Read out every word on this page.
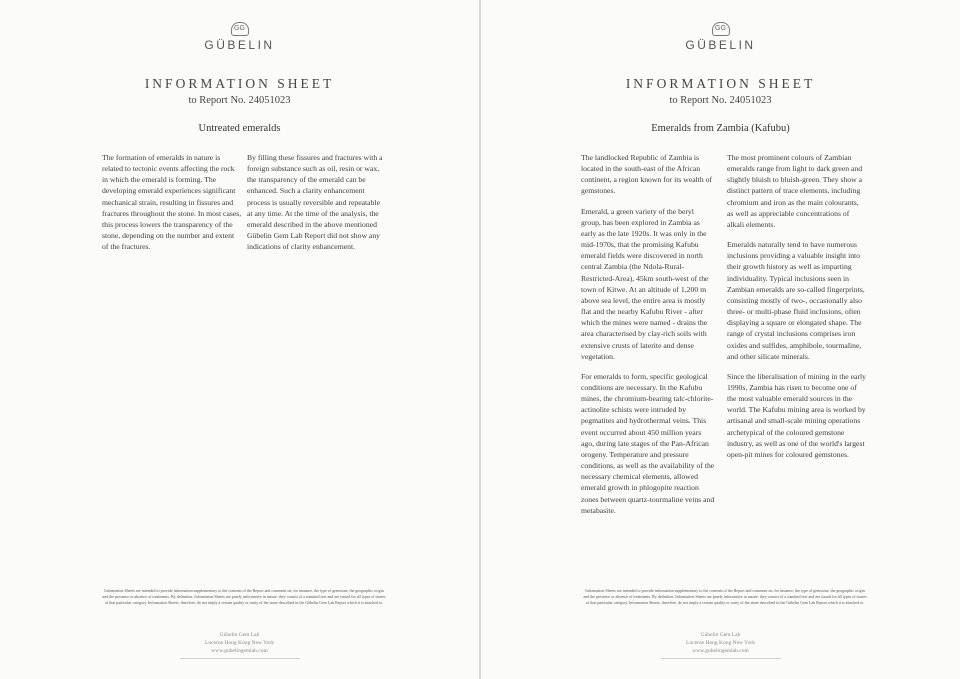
GG
GÜBELIN
INFORMATION SHEET
to Report No. 24051023
Untreated emeralds

The formation of emeralds in nature is related to tectonic events affecting the rock in which the emerald is forming. The developing emerald experiences significant mechanical strain, resulting in fissures and fractures throughout the stone. In most cases, this process lowers the transparency of the stone, depending on the number and extent of the fractures.

By filling these fissures and fractures with a foreign substance such as oil, resin or wax, the transparency of the emerald can be enhanced. Such a clarity enhancement process is usually reversible and repeatable at any time. At the time of the analysis, the emerald described in the above mentioned Gübelin Gem Lab Report did not show any indications of clarity enhancement.

Information Sheets are intended to provide information supplementary to the contents of the Report and comment on, for instance, the type of gemstone, the geographic origin and the presence or absence of treatments. By definition, Information Sheets are purely informative in nature: they consist of a standard text and are issued for all types of stones of that particular category. Information Sheets, therefore, do not imply a certain quality or rarity of the stone described in the Gübelin Gem Lab Report which it is attached to.
Gübelin Gem Lab
Lucerne Hong Kong New York
www.gubelingemlab.com
GG
GÜBELIN
INFORMATION SHEET
to Report No. 24051023
Emeralds from Zambia (Kafubu)

The landlocked Republic of Zambia is located in the south-east of the African continent, a region known for its wealth of gemstones.

Emerald, a green variety of the beryl group, has been explored in Zambia as early as the late 1920s. It was only in the mid-1970s, that the promising Kafubu emerald fields were discovered in north central Zambia (the Ndola-Rural-Restricted-Area), 45km south-west of the town of Kitwe. At an altitude of 1,200 m above sea level, the entire area is mostly flat and the nearby Kafubu River - after which the mines were named - drains the area characterised by clay-rich soils with extensive crusts of laterite and dense vegetation.

For emeralds to form, specific geological conditions are necessary. In the Kafubu mines, the chromium-bearing talc-chlorite-actinolite schists were intruded by pegmatites and hydrothermal veins. This event occurred about 450 million years ago, during late stages of the Pan-African orogeny. Temperature and pressure conditions, as well as the availability of the necessary chemical elements, allowed emerald growth in phlogopite reaction zones between quartz-tourmaline veins and metabasite.

The most prominent colours of Zambian emeralds range from light to dark green and slightly bluish to bluish-green. They show a distinct pattern of trace elements, including chromium and iron as the main colourants, as well as appreciable concentrations of alkali elements.

Emeralds naturally tend to have numerous inclusions providing a valuable insight into their growth history as well as imparting individuality. Typical inclusions seen in Zambian emeralds are so-called fingerprints, consisting mostly of two-, occasionally also three- or multi-phase fluid inclusions, often displaying a square or elongated shape. The range of crystal inclusions comprises iron oxides and sulfides, amphibole, tourmaline, and other silicate minerals.

Since the liberalisation of mining in the early 1990s, Zambia has risen to become one of the most valuable emerald sources in the world. The Kafubu mining area is worked by artisanal and small-scale mining operations archetypical of the coloured gemstone industry, as well as one of the world's largest open-pit mines for coloured gemstones.

Information Sheets are intended to provide information supplementary to the contents of the Report and comment on, for instance, the type of gemstone, the geographic origin and the presence or absence of treatments. By definition, Information Sheets are purely informative in nature: they consist of a standard text and are issued for all types of stones of that particular category. Information Sheets, therefore, do not imply a certain quality or rarity of the stone described in the Gübelin Gem Lab Report which it is attached to.
Gübelin Gem Lab
Lucerne Hong Kong New York
www.gubelingemlab.com
